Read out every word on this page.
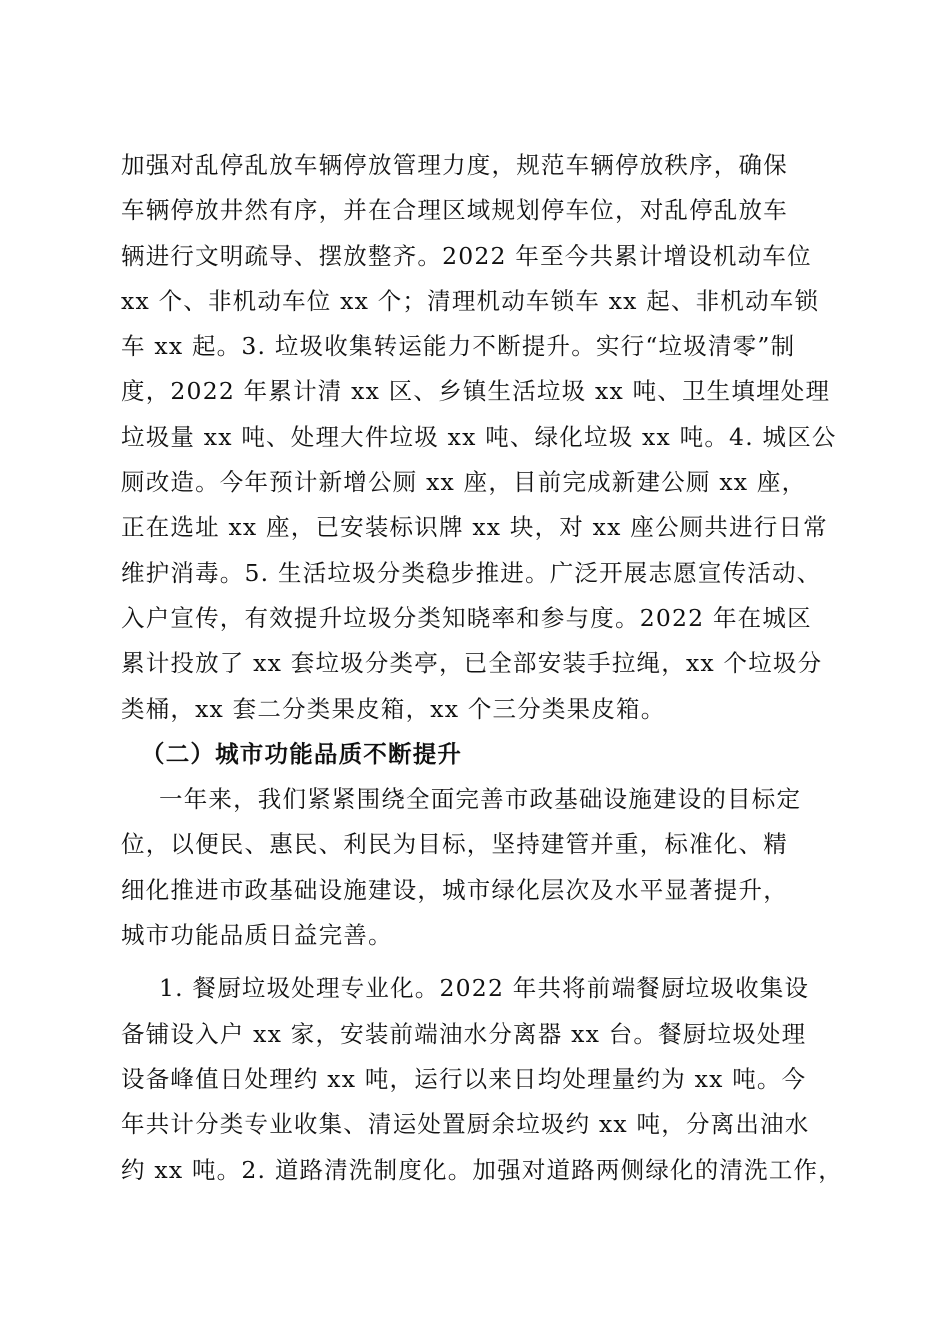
加强对乱停乱放车辆停放管理力度，规范车辆停放秩序，确保
车辆停放井然有序，并在合理区域规划停车位，对乱停乱放车
辆进行文明疏导、摆放整齐。2022 年至今共累计增设机动车位
xx 个、非机动车位 xx 个；清理机动车锁车 xx 起、非机动车锁
车 xx 起。3. 垃圾收集转运能力不断提升。实行“垃圾清零”制
度，2022 年累计清 xx 区、乡镇生活垃圾 xx 吨、卫生填埋处理
垃圾量 xx 吨、处理大件垃圾 xx 吨、绿化垃圾 xx 吨。4. 城区公
厕改造。今年预计新增公厕 xx 座，目前完成新建公厕 xx 座，
正在选址 xx 座，已安装标识牌 xx 块，对 xx 座公厕共进行日常
维护消毒。5. 生活垃圾分类稳步推进。广泛开展志愿宣传活动、
入户宣传，有效提升垃圾分类知晓率和参与度。2022 年在城区
累计投放了 xx 套垃圾分类亭，已全部安装手拉绳，xx 个垃圾分
类桶，xx 套二分类果皮箱，xx 个三分类果皮箱。
（二）城市功能品质不断提升
一年来，我们紧紧围绕全面完善市政基础设施建设的目标定
位，以便民、惠民、利民为目标，坚持建管并重，标准化、精
细化推进市政基础设施建设，城市绿化层次及水平显著提升，
城市功能品质日益完善。
1. 餐厨垃圾处理专业化。2022 年共将前端餐厨垃圾收集设
备铺设入户 xx 家，安装前端油水分离器 xx 台。餐厨垃圾处理
设备峰值日处理约 xx 吨，运行以来日均处理量约为 xx 吨。今
年共计分类专业收集、清运处置厨余垃圾约 xx 吨，分离出油水
约 xx 吨。2. 道路清洗制度化。加强对道路两侧绿化的清洗工作，
